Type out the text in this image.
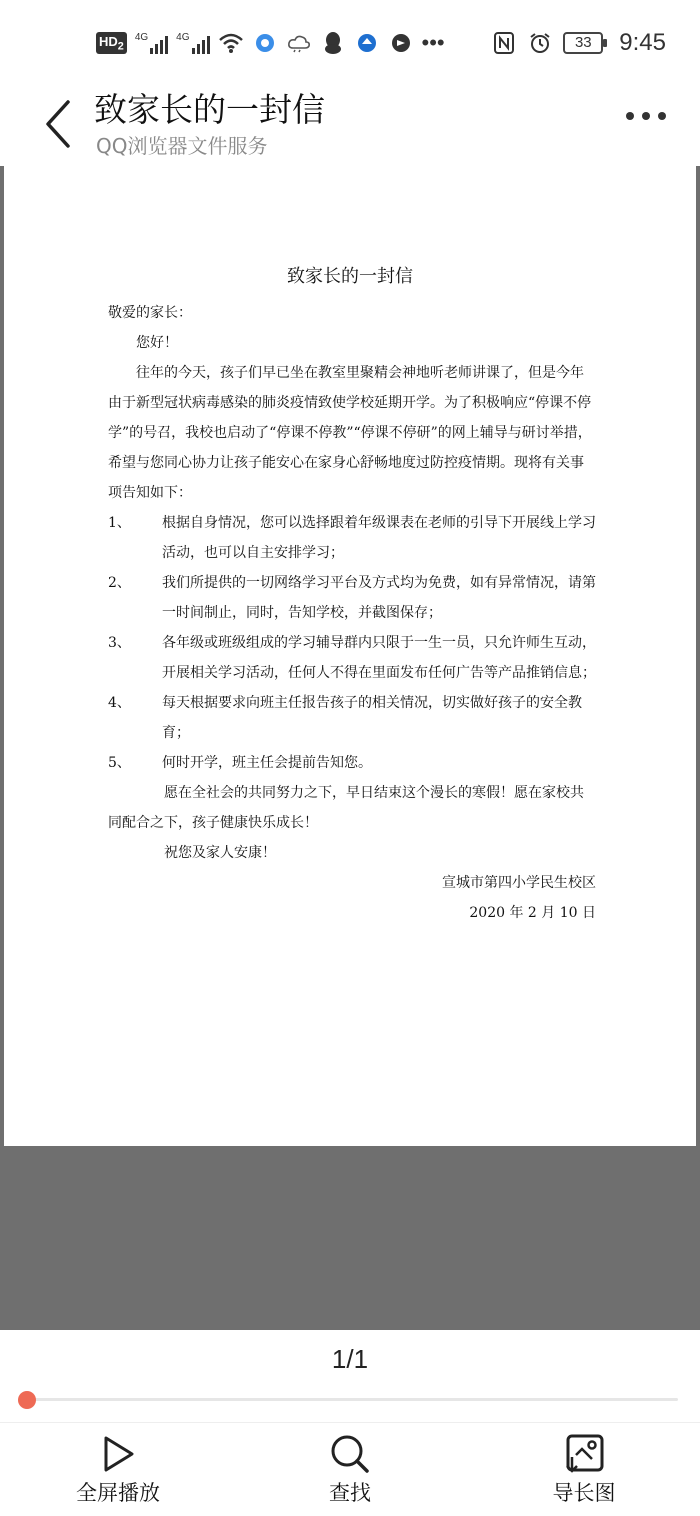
$HD_2$
4G	4G	•••	33	9:45
致家长的一封信
QQ浏览器文件服务
致家长的一封信

敬爱的家长：

您好！

往年的今天，孩子们早已坐在教室里聚精会神地听老师讲课了，但是今年由于新型冠状病毒感染的肺炎疫情致使学校延期开学。为了积极响应“停课不停学”的号召，我校也启动了“停课不停教”“停课不停研”的网上辅导与研讨举措，希望与您同心协力让孩子能安心在家身心舒畅地度过防控疫情期。现将有关事项告知如下：

1、	根据自身情况，您可以选择跟着年级课表在老师的引导下开展线上学习活动，也可以自主安排学习；
2、	我们所提供的一切网络学习平台及方式均为免费，如有异常情况，请第一时间制止，同时，告知学校，并截图保存；
3、	各年级或班级组成的学习辅导群内只限于一生一员，只允许师生互动，开展相关学习活动，任何人不得在里面发布任何广告等产品推销信息；
4、	每天根据要求向班主任报告孩子的相关情况，切实做好孩子的安全教育；
5、	何时开学，班主任会提前告知您。

愿在全社会的共同努力之下，早日结束这个漫长的寒假！愿在家校共同配合之下，孩子健康快乐成长！

祝您及家人安康！

宣城市第四小学民生校区

2020 年 2 月 10 日

1/1
全屏播放	查找	导长图
